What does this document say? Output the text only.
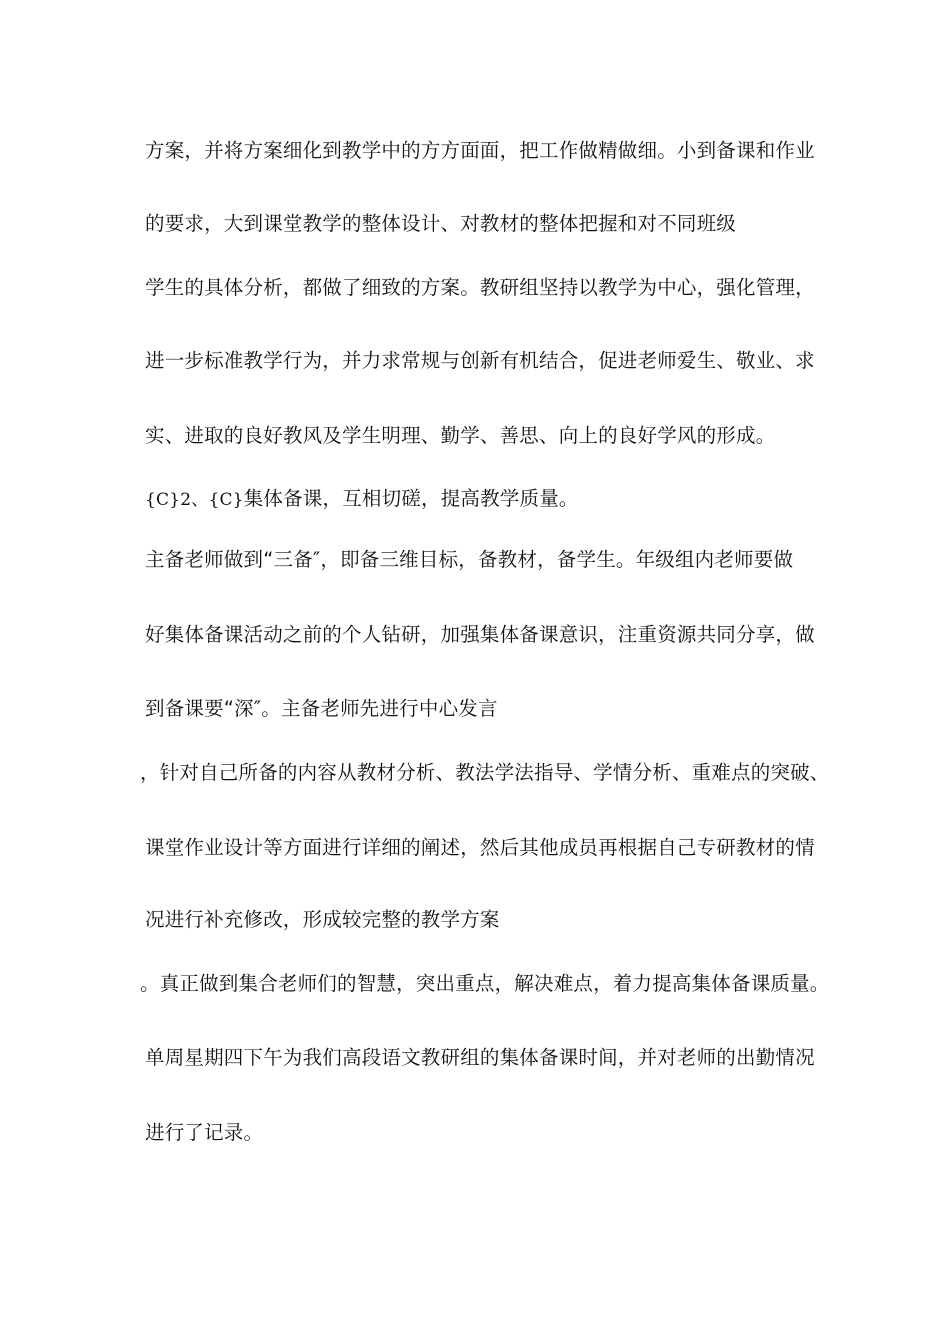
方案，并将方案细化到教学中的方方面面，把工作做精做细。小到备课和作业
的要求，大到课堂教学的整体设计、对教材的整体把握和对不同班级
学生的具体分析，都做了细致的方案。教研组坚持以教学为中心，强化管理，
进一步标准教学行为，并力求常规与创新有机结合，促进老师爱生、敬业、求
实、进取的良好教风及学生明理、勤学、善思、向上的良好学风的形成。
{C}2、{C}集体备课，互相切磋，提高教学质量。
主备老师做到“三备″，即备三维目标，备教材，备学生。年级组内老师要做
好集体备课活动之前的个人钻研，加强集体备课意识，注重资源共同分享，做
到备课要“深″。主备老师先进行中心发言
，针对自己所备的内容从教材分析、教法学法指导、学情分析、重难点的突破、
课堂作业设计等方面进行详细的阐述，然后其他成员再根据自己专研教材的情
况进行补充修改，形成较完整的教学方案
。真正做到集合老师们的智慧，突出重点，解决难点，着力提高集体备课质量。
单周星期四下午为我们高段语文教研组的集体备课时间，并对老师的出勤情况
进行了记录。
